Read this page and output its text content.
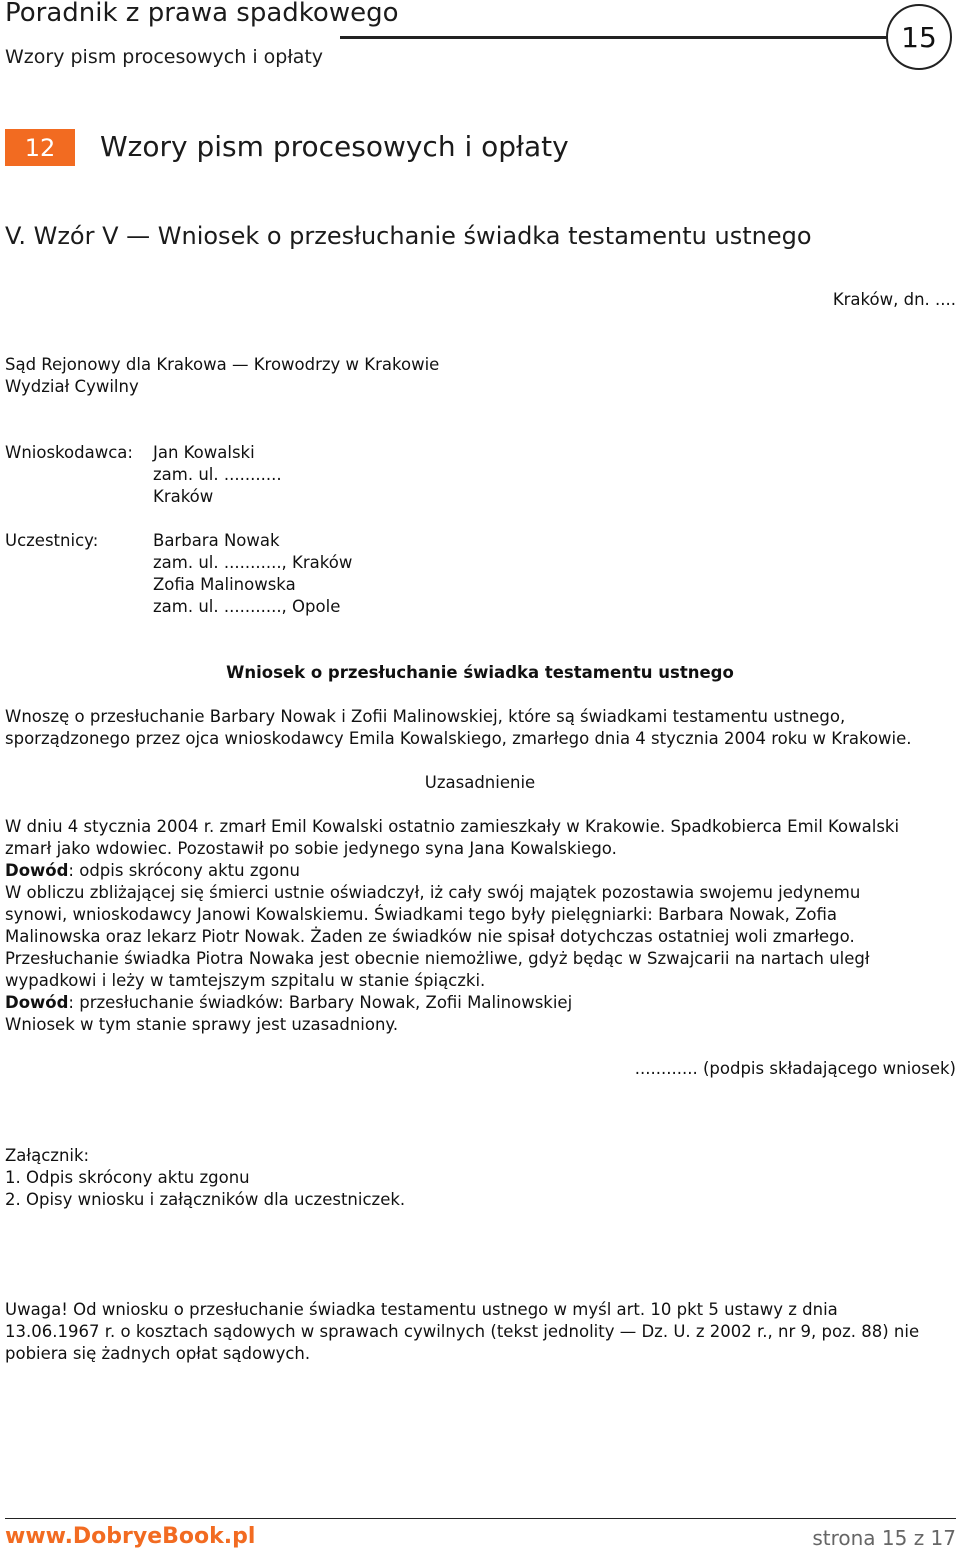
Poradnik z prawa spadkowego
Wzory pism procesowych i opłaty
15
12	Wzory pism procesowych i opłaty
V. Wzór V — Wniosek o przesłuchanie świadka testamentu ustnego
Kraków, dn. ....
Sąd Rejonowy dla Krakowa — Krowodrzy w Krakowie
Wydział Cywilny
Wnioskodawca: Jan Kowalski
zam. ul. ...........
Kraków
Uczestnicy:	Barbara Nowak
zam. ul. ..........., Kraków
Zofia Malinowska
zam. ul. ..........., Opole
Wniosek o przesłuchanie świadka testamentu ustnego
Wnoszę o przesłuchanie Barbary Nowak i Zofii Malinowskiej, które są świadkami testamentu ustnego,
sporządzonego przez ojca wnioskodawcy Emila Kowalskiego, zmarłego dnia 4 stycznia 2004 roku w Krakowie.
Uzasadnienie
W dniu 4 stycznia 2004 r. zmarł Emil Kowalski ostatnio zamieszkały w Krakowie. Spadkobierca Emil Kowalski
zmarł jako wdowiec. Pozostawił po sobie jedynego syna Jana Kowalskiego.
Dowód: odpis skrócony aktu zgonu
W obliczu zbliżającej się śmierci ustnie oświadczył, iż cały swój majątek pozostawia swojemu jedynemu
synowi, wnioskodawcy Janowi Kowalskiemu. Świadkami tego były pielęgniarki: Barbara Nowak, Zofia
Malinowska oraz lekarz Piotr Nowak. Żaden ze świadków nie spisał dotychczas ostatniej woli zmarłego.
Przesłuchanie świadka Piotra Nowaka jest obecnie niemożliwe, gdyż będąc w Szwajcarii na nartach uległ
wypadkowi i leży w tamtejszym szpitalu w stanie śpiączki.
Dowód: przesłuchanie świadków: Barbary Nowak, Zofii Malinowskiej
Wniosek w tym stanie sprawy jest uzasadniony.
............ (podpis składającego wniosek)
Załącznik:
1. Odpis skrócony aktu zgonu
2. Opisy wniosku i załączników dla uczestniczek.
Uwaga! Od wniosku o przesłuchanie świadka testamentu ustnego w myśl art. 10 pkt 5 ustawy z dnia
13.06.1967 r. o kosztach sądowych w sprawach cywilnych (tekst jednolity — Dz. U. z 2002 r., nr 9, poz. 88) nie
pobiera się żadnych opłat sądowych.
www.DobryeBook.pl	strona 15 z 17
